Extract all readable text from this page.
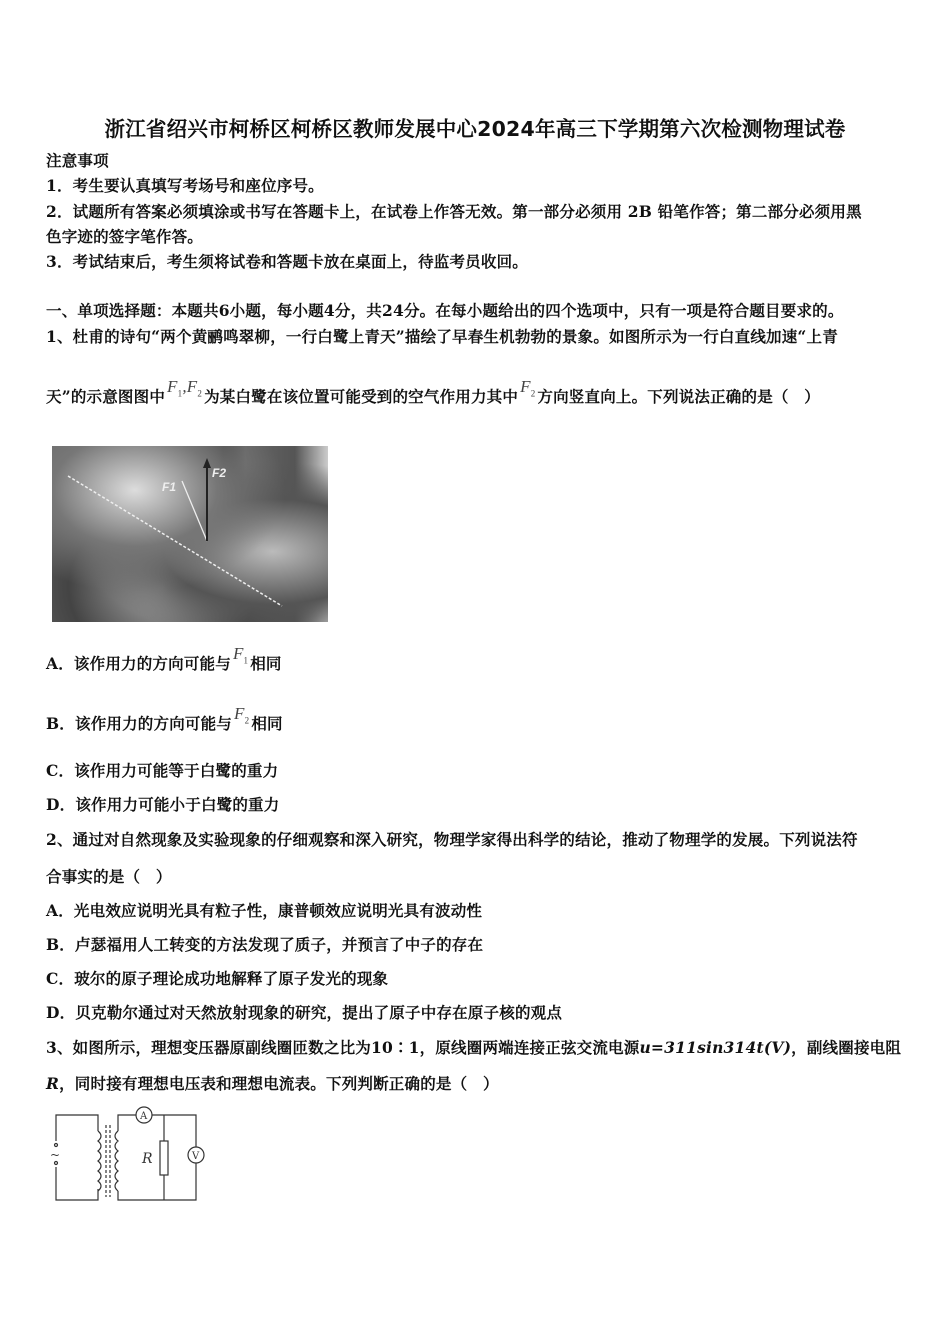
浙江省绍兴市柯桥区柯桥区教师发展中心2024年高三下学期第六次检测物理试卷
注意事项
1．考生要认真填写考场号和座位序号。
2．试题所有答案必须填涂或书写在答题卡上，在试卷上作答无效。第一部分必须用 2B 铅笔作答；第二部分必须用黑
色字迹的签字笔作答。
3．考试结束后，考生须将试卷和答题卡放在桌面上，待监考员收回。
一、单项选择题：本题共6小题，每小题4分，共24分。在每小题给出的四个选项中，只有一项是符合题目要求的。
1、杜甫的诗句“两个黄鹂鸣翠柳，一行白鹭上青天”描绘了早春生机勃勃的景象。如图所示为一行白直线加速“上青
天”的示意图图中$F_1,F_2$ 为某白鹭在该位置可能受到的空气作用力其中$F_2$ 方向竖直向上。下列说法正确的是（　）
F1
F2
A．该作用力的方向可能与$F_1$ 相同
B．该作用力的方向可能与$F_2$ 相同
C．该作用力可能等于白鹭的重力
D．该作用力可能小于白鹭的重力
2、通过对自然现象及实验现象的仔细观察和深入研究，物理学家得出科学的结论，推动了物理学的发展。下列说法符
合事实的是（　）
A．光电效应说明光具有粒子性，康普顿效应说明光具有波动性
B．卢瑟福用人工转变的方法发现了质子，并预言了中子的存在
C．玻尔的原子理论成功地解释了原子发光的现象
D．贝克勒尔通过对天然放射现象的研究，提出了原子中存在原子核的观点
3、如图所示，理想变压器原副线圈匝数之比为10∶1，原线圈两端连接正弦交流电源u=311sin314t(V)，副线圈接电阻
R，同时接有理想电压表和理想电流表。下列判断正确的是（　）
~
A
R	V
